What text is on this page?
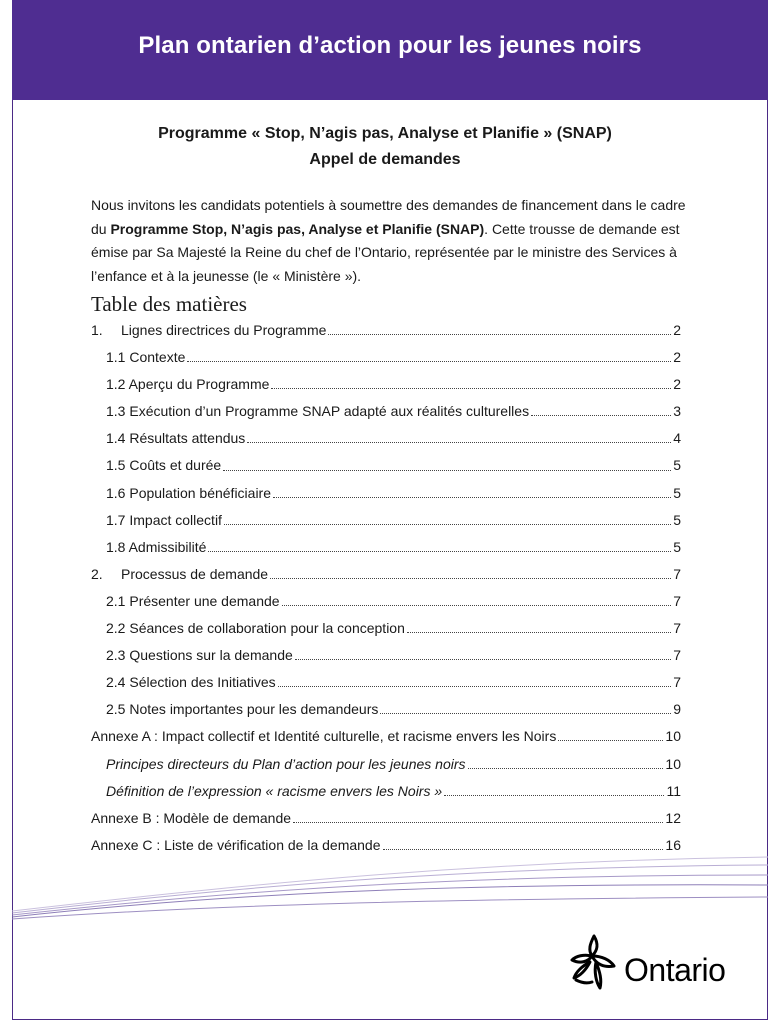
Plan ontarien d’action pour les jeunes noirs
Programme « Stop, N’agis pas, Analyse et Planifie » (SNAP)
Appel de demandes

Nous invitons les candidats potentiels à soumettre des demandes de financement dans le cadre du Programme Stop, N’agis pas, Analyse et Planifie (SNAP). Cette trousse de demande est émise par Sa Majesté la Reine du chef de l’Ontario, représentée par le ministre des Services à l’enfance et à la jeunesse (le « Ministère »).

Table des matières
1.	Lignes directrices du Programme	2
1.1 Contexte	2
1.2 Aperçu du Programme	2
1.3 Exécution d’un Programme SNAP adapté aux réalités culturelles	3
1.4 Résultats attendus	4
1.5 Coûts et durée	5
1.6 Population bénéficiaire	5
1.7 Impact collectif	5
1.8 Admissibilité	5
2.	Processus de demande	7
2.1 Présenter une demande	7
2.2 Séances de collaboration pour la conception	7
2.3 Questions sur la demande	7
2.4 Sélection des Initiatives	7
2.5 Notes importantes pour les demandeurs	9
Annexe A : Impact collectif et Identité culturelle, et racisme envers les Noirs	10
Principes directeurs du Plan d’action pour les jeunes noirs	10
Définition de l’expression « racisme envers les Noirs »	11
Annexe B : Modèle de demande	12
Annexe C : Liste de vérification de la demande	16
Ontario
